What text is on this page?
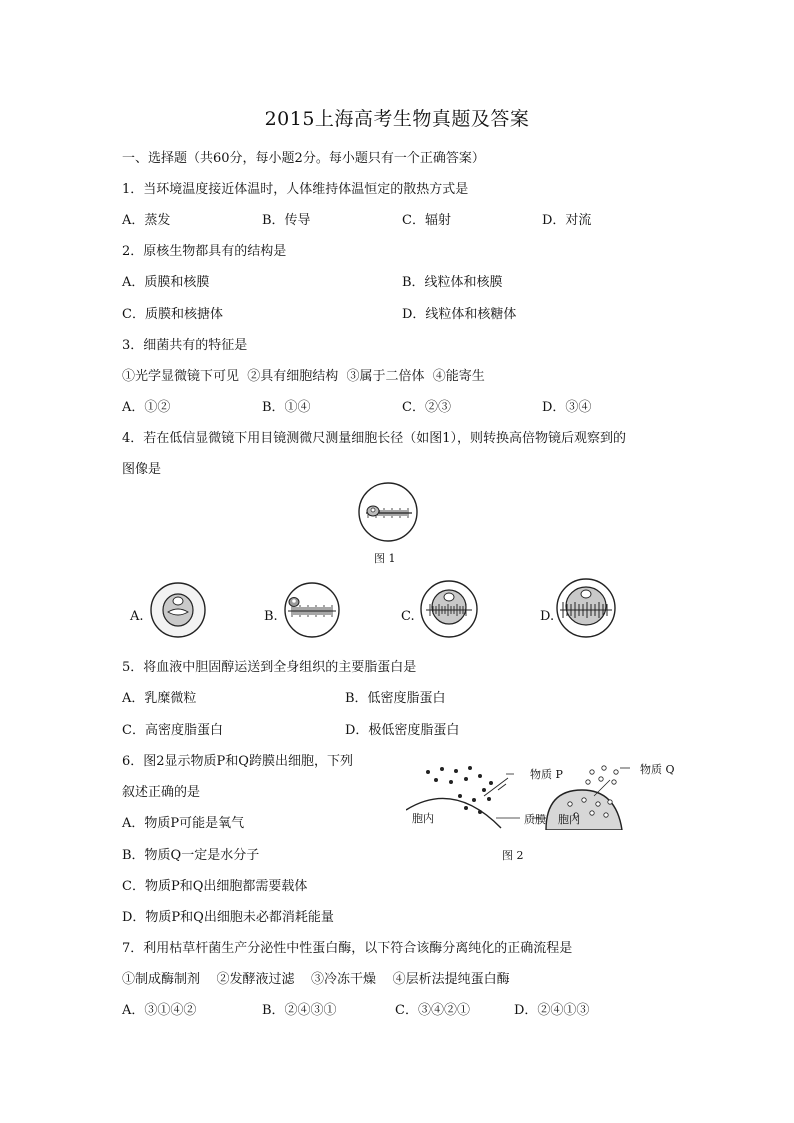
2015上海高考生物真题及答案
一、选择题（共60分，每小题2分。每小题只有一个正确答案）
1．当环境温度接近体温时，人体维持体温恒定的散热方式是
A．蒸发	B．传导	C．辐射	D．对流
2．原核生物都具有的结构是
A．质膜和核膜	B．线粒体和核膜
C．质膜和核搪体	D．线粒体和核糖体
3．细菌共有的特征是
①光学显微镜下可见  ②具有细胞结构  ③属于二倍体  ④能寄生
A．①②	B．①④	C．②③	D．③④
4．若在低信显微镜下用目镜测微尺测量细胞长径（如图1），则转换高倍物镜后观察到的
图像是
图 1
A.	B.	C.	D.
5．将血液中胆固醇运送到全身组织的主要脂蛋白是
A．乳糜微粒	B．低密度脂蛋白
C．高密度脂蛋白	D．极低密度脂蛋白
6．图2显示物质P和Q跨膜出细胞，下列
叙述正确的是
A．物质P可能是氧气
B．物质Q一定是水分子
C．物质P和Q出细胞都需要载体
D．物质P和Q出细胞未必都消耗能量
物质 P	物质 Q
胞内	质膜 胞内
图 2
7．利用枯草杆菌生产分泌性中性蛋白酶，以下符合该酶分离纯化的正确流程是
①制成酶制剂    ②发酵液过滤    ③冷冻干燥    ④层析法提纯蛋白酶
A．③①④②	B．②④③①	C．③④②①	D．②④①③
